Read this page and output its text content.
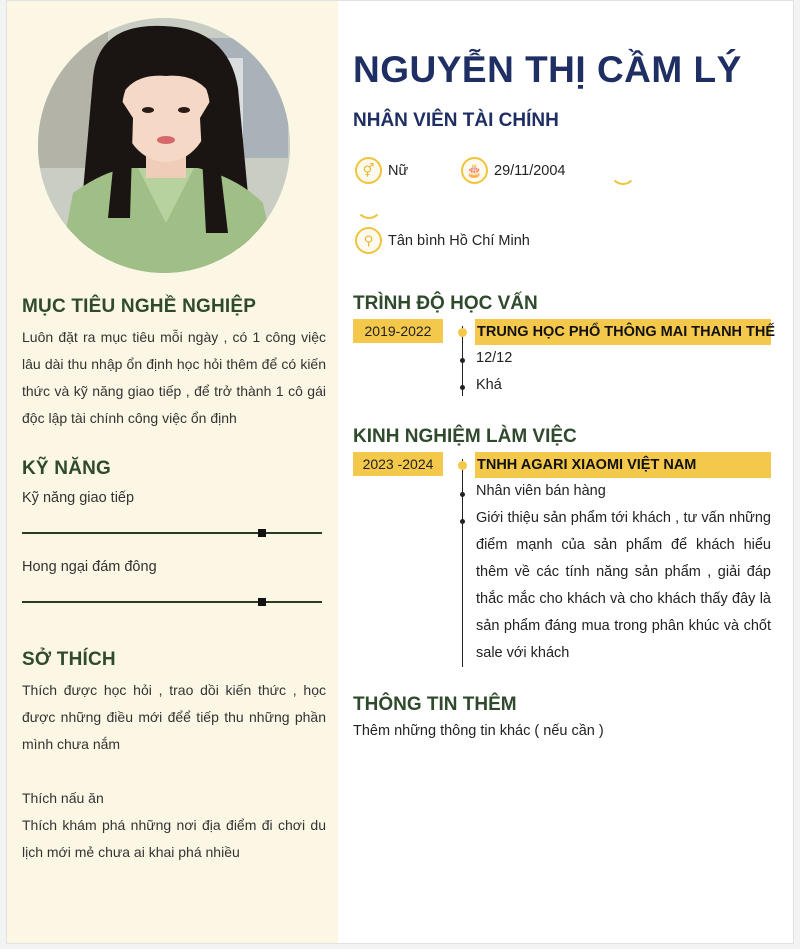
MỤC TIÊU NGHỀ NGHIỆP
Luôn đặt ra mục tiêu mỗi ngày , có 1 công việc lâu dài thu nhập ổn định học hỏi thêm để có kiến thức và kỹ năng giao tiếp , để trở thành 1 cô gái độc lập tài chính công việc ổn định
KỸ NĂNG
Kỹ năng giao tiếp
Hong ngại đám đông
SỞ THÍCH
Thích được học hỏi , trao dồi kiến thức , học được những điều mới đểể tiếp thu những phần mình chưa nắm
Thích nấu ăn
Thích khám phá những nơi địa điểm đi chơi du lịch mới mẻ chưa ai khai phá nhiều
NGUYỄN THỊ CẦM LÝ
NHÂN VIÊN TÀI CHÍNH
⚥ Nữ	🎂 29/11/2004
⚲	Tân bình Hồ Chí Minh
TRÌNH ĐỘ HỌC VẤN
2019-2022	TRUNG HỌC PHỔ THÔNG MAI THANH THẾ
12/12
Khá
KINH NGHIỆM LÀM VIỆC
2023 -2024	TNHH AGARI XIAOMI VIỆT NAM
Nhân viên bán hàng
Giới thiệu sản phẩm tới khách , tư vấn những điểm mạnh của sản phẩm để khách hiểu thêm về các tính năng sản phẩm , giải đáp thắc mắc cho khách và cho khách thấy đây là sản phẩm đáng mua trong phân khúc và chốt sale với khách
THÔNG TIN THÊM
Thêm những thông tin khác ( nếu cần )
